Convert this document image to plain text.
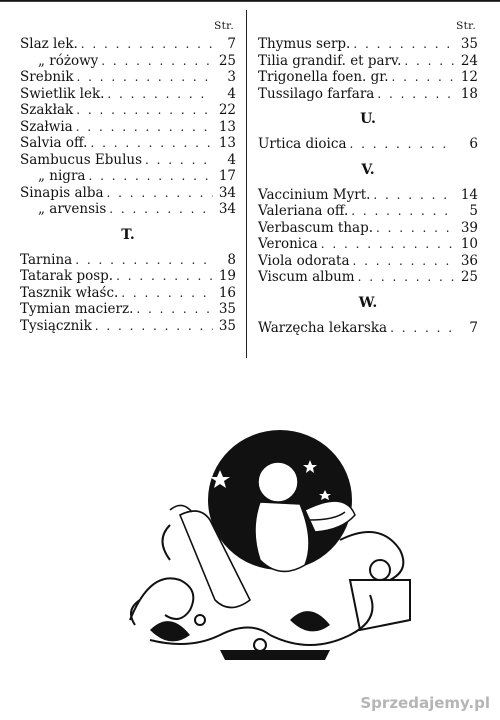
Str.
Slaz lek. . . .	7
„ różowy . . .	25
Srebnik . . .	3
Swietlik lek. . . .	4
Szakłak . . .	22
Szałwia . . .	13
Salvia off. . . .	13
Sambucus Ebulus . . .	4
„ nigra . . .	17
Sinapis alba . . .	34
„ arvensis . . .	34
T.
Tarnina . . .	8
Tatarak posp. . . .	19
Tasznik właśc. . . .	16
Tymian macierz. . . .	35
Tysiącznik . . .	35
Str.
Thymus serp. . . .	35
Tilia grandif. et parv. . . .	24
Trigonella foen. gr. . . .	12
Tussilago farfara . . .	18
U.
Urtica dioica . . .	6
V.
Vaccinium Myrt. . . .	14
Valeriana off. . . .	5
Verbascum thap. . . .	39
Veronica . . .	10
Viola odorata . . .	36
Viscum album . . .	25
W.
Warzęcha lekarska . . .	7
Sprzedajemy.pl
